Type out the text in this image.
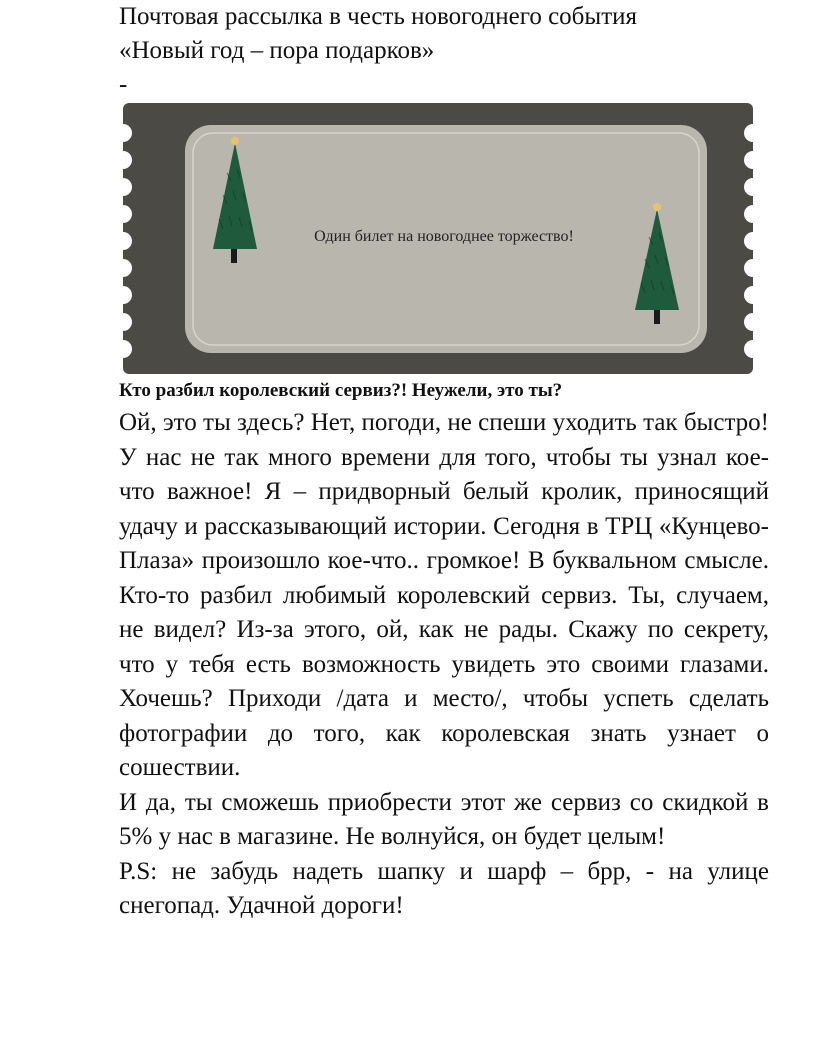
Почтовая рассылка в честь новогоднего события

«Новый год – пора подарков»

-

Один билет на новогоднее торжество!

Кто разбил королевский сервиз?! Неужели, это ты?

Ой, это ты здесь? Нет, погоди, не спеши уходить так быстро! У нас не так много времени для того, чтобы ты узнал кое-что важное! Я – придворный белый кролик, приносящий удачу и рассказывающий истории. Сегодня в ТРЦ «Кунцево-Плаза» произошло кое-что.. громкое! В буквальном смысле. Кто-то разбил любимый королевский сервиз. Ты, случаем, не видел? Из-за этого, ой, как не рады. Скажу по секрету, что у тебя есть возможность увидеть это своими глазами. Хочешь? Приходи /дата и место/, чтобы успеть сделать фотографии до того, как королевская знать узнает о сошествии.

И да, ты сможешь приобрести этот же сервиз со скидкой в 5% у нас в магазине. Не волнуйся, он будет целым!

P.S: не забудь надеть шапку и шарф – брр, - на улице снегопад. Удачной дороги!
